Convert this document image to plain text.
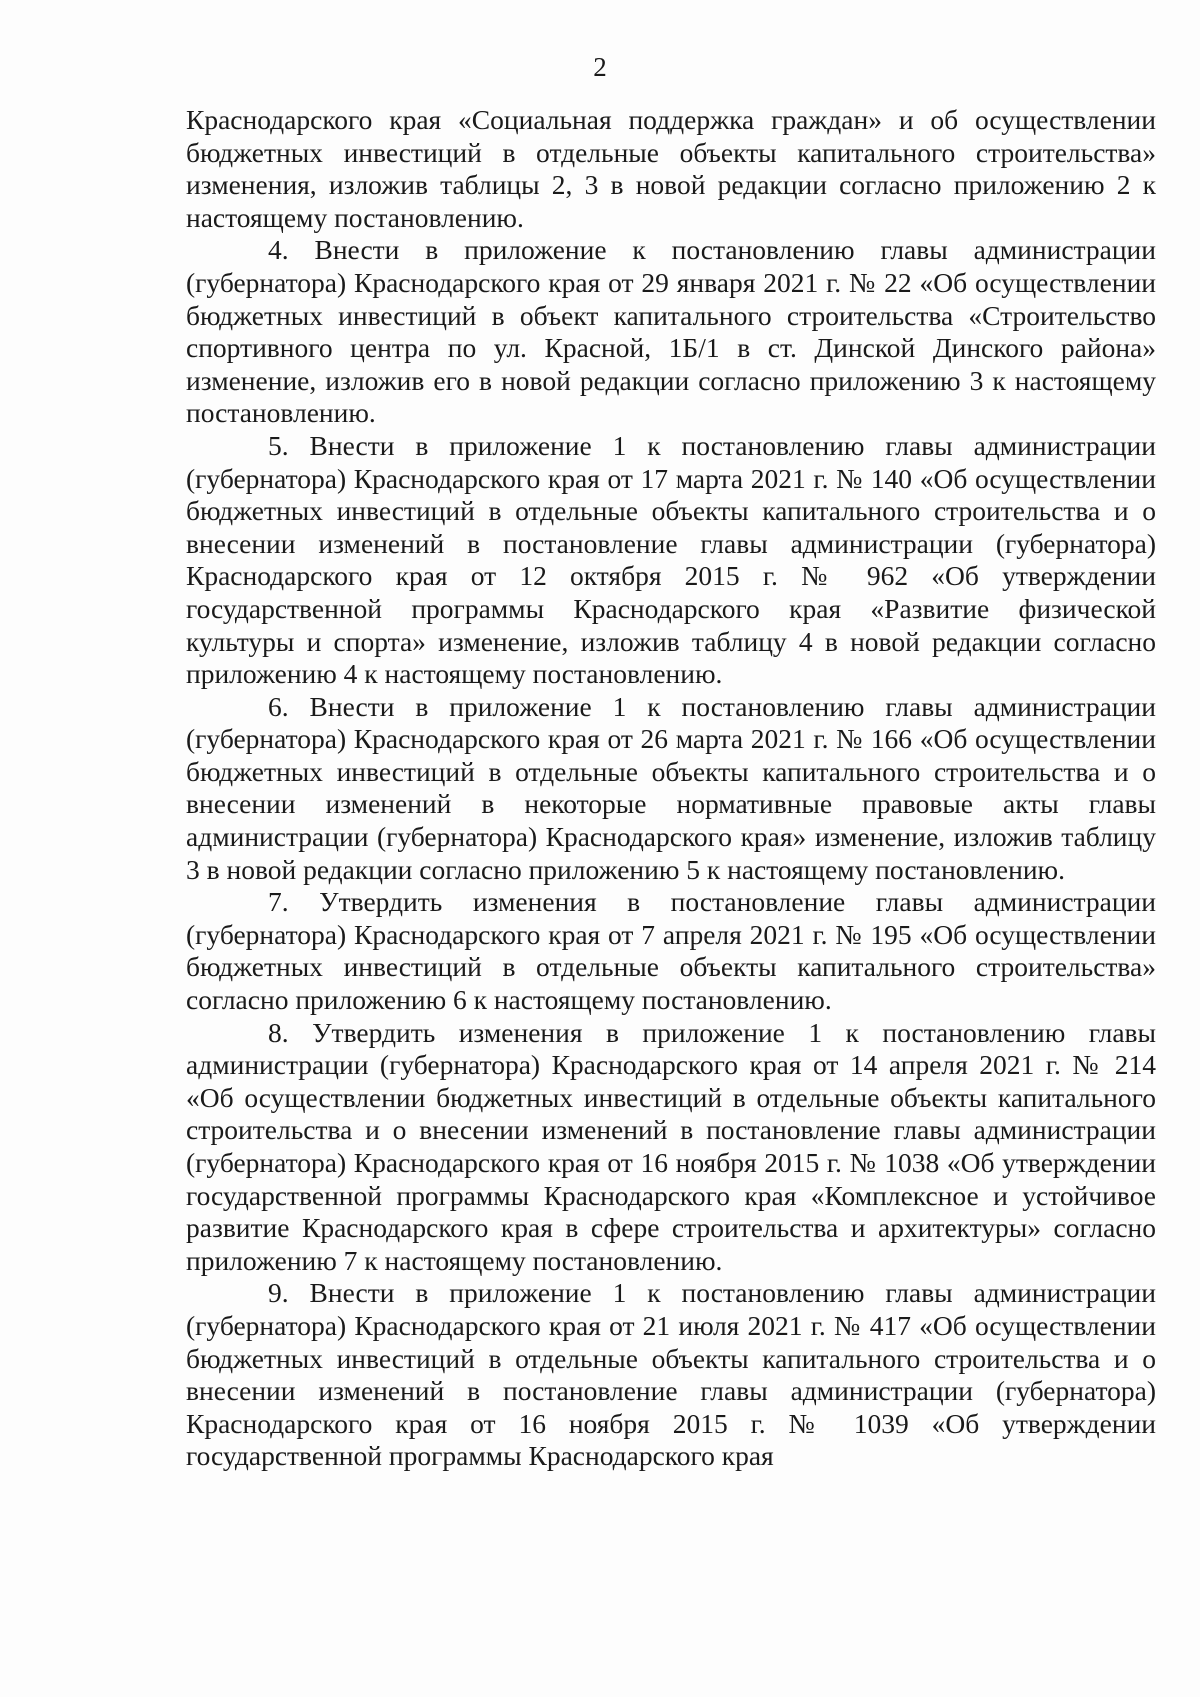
2

Краснодарского края «Социальная поддержка граждан» и об осуществлении бюджетных инвестиций в отдельные объекты капитального строительства» изменения, изложив таблицы 2, 3 в новой редакции согласно приложению 2 к настоящему постановлению.

4. Внести в приложение к постановлению главы администрации (губернатора) Краснодарского края от 29 января 2021 г. № 22 «Об осуществлении бюджетных инвестиций в объект капитального строительства «Строительство спортивного центра по ул. Красной, 1Б/1 в ст. Динской Динского района» изменение, изложив его в новой редакции согласно приложению 3 к настоящему постановлению.

5. Внести в приложение 1 к постановлению главы администрации (губернатора) Краснодарского края от 17 марта 2021 г. № 140 «Об осуществлении бюджетных инвестиций в отдельные объекты капитального строительства и о внесении изменений в постановление главы администрации (губернатора) Краснодарского края от 12 октября 2015 г. № 962 «Об утверждении государственной программы Краснодарского края «Развитие физической культуры и спорта» изменение, изложив таблицу 4 в новой редакции согласно приложению 4 к настоящему постановлению.

6. Внести в приложение 1 к постановлению главы администрации (губернатора) Краснодарского края от 26 марта 2021 г. № 166 «Об осуществлении бюджетных инвестиций в отдельные объекты капитального строительства и о внесении изменений в некоторые нормативные правовые акты главы администрации (губернатора) Краснодарского края» изменение, изложив таблицу 3 в новой редакции согласно приложению 5 к настоящему постановлению.

7. Утвердить изменения в постановление главы администрации (губернатора) Краснодарского края от 7 апреля 2021 г. № 195 «Об осуществлении бюджетных инвестиций в отдельные объекты капитального строительства» согласно приложению 6 к настоящему постановлению.

8. Утвердить изменения в приложение 1 к постановлению главы администрации (губернатора) Краснодарского края от 14 апреля 2021 г. № 214 «Об осуществлении бюджетных инвестиций в отдельные объекты капитального строительства и о внесении изменений в постановление главы администрации (губернатора) Краснодарского края от 16 ноября 2015 г. № 1038 «Об утверждении государственной программы Краснодарского края «Комплексное и устойчивое развитие Краснодарского края в сфере строительства и архитектуры» согласно приложению 7 к настоящему постановлению.

9. Внести в приложение 1 к постановлению главы администрации (губернатора) Краснодарского края от 21 июля 2021 г. № 417 «Об осуществлении бюджетных инвестиций в отдельные объекты капитального строительства и о внесении изменений в постановление главы администрации (губернатора) Краснодарского края от 16 ноября 2015 г. № 1039 «Об утверждении государственной программы Краснодарского края
